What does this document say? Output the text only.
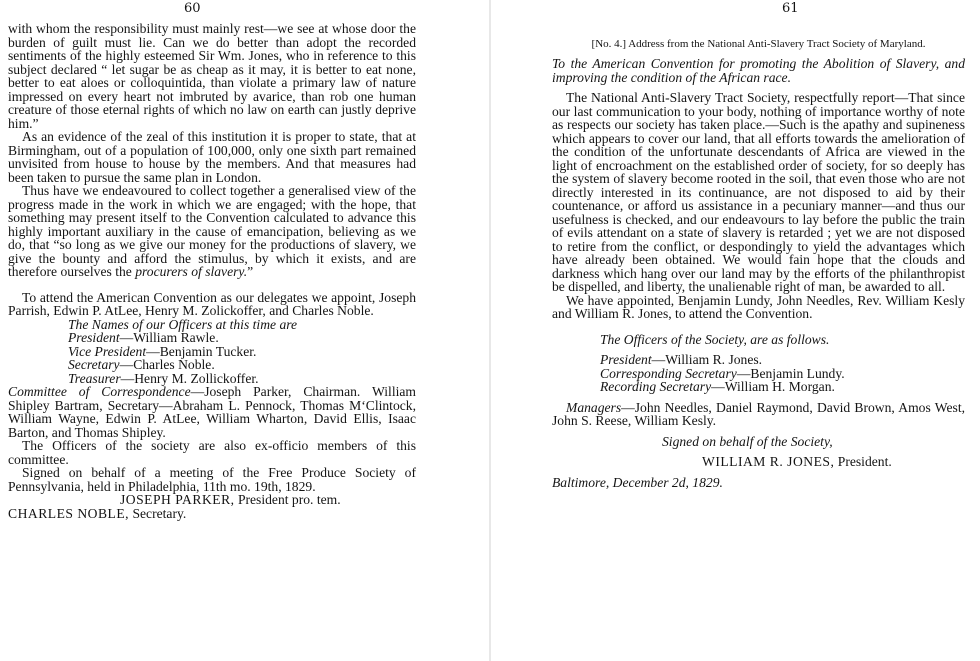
60

with whom the responsibility must mainly rest—we see at whose door the burden of guilt must lie. Can we do better than adopt the recorded sentiments of the highly esteemed Sir Wm. Jones, who in reference to this subject declared “ let sugar be as cheap as it may, it is better to eat none, better to eat aloes or colloquintida, than violate a primary law of nature impressed on every heart not imbruted by avarice, than rob one human creature of those eternal rights of which no law on earth can justly deprive him.”

As an evidence of the zeal of this institution it is proper to state, that at Birmingham, out of a population of 100,000, only one sixth part remained unvisited from house to house by the members. And that measures had been taken to pursue the same plan in London.

Thus have we endeavoured to collect together a generalised view of the progress made in the work in which we are engaged; with the hope, that something may present itself to the Convention calculated to advance this highly important auxiliary in the cause of emancipation, believing as we do, that “so long as we give our money for the productions of slavery, we give the bounty and afford the stimulus, by which it exists, and are therefore ourselves the procurers of slavery.”

To attend the American Convention as our delegates we appoint, Joseph Parrish, Edwin P. AtLee, Henry M. Zolickoffer, and Charles Noble.

The Names of our Officers at this time are

President—William Rawle.

Vice President—Benjamin Tucker.

Secretary—Charles Noble.

Treasurer—Henry M. Zollickoffer.

Committee of Correspondence—Joseph Parker, Chairman. William Shipley Bartram, Secretary—Abraham L. Pennock, Thomas M‘Clintock, William Wayne, Edwin P. AtLee, William Wharton, David Ellis, Isaac Barton, and Thomas Shipley.

The Officers of the society are also ex-officio members of this committee.

Signed on behalf of a meeting of the Free Produce Society of Pennsylvania, held in Philadelphia, 11th mo. 19th, 1829.

JOSEPH PARKER, President pro. tem.

CHARLES NOBLE, Secretary.

61

[No. 4.] Address from the National Anti-Slavery Tract Society of Maryland.

To the American Convention for promoting the Abolition of Slavery, and improving the condition of the African race.

The National Anti-Slavery Tract Society, respectfully report—That since our last communication to your body, nothing of importance worthy of note as respects our society has taken place.—Such is the apathy and supineness which appears to cover our land, that all efforts towards the amelioration of the condition of the unfortunate descendants of Africa are viewed in the light of encroachment on the established order of society, for so deeply has the system of slavery become rooted in the soil, that even those who are not directly interested in its continuance, are not disposed to aid by their countenance, or afford us assistance in a pecuniary manner—and thus our usefulness is checked, and our endeavours to lay before the public the train of evils attendant on a state of slavery is retarded ; yet we are not disposed to retire from the conflict, or despondingly to yield the advantages which have already been obtained. We would fain hope that the clouds and darkness which hang over our land may by the efforts of the philanthropist be dispelled, and liberty, the unalienable right of man, be awarded to all.

We have appointed, Benjamin Lundy, John Needles, Rev. William Kesly and William R. Jones, to attend the Convention.

The Officers of the Society, are as follows.

President—William R. Jones.

Corresponding Secretary—Benjamin Lundy.

Recording Secretary—William H. Morgan.

Managers—John Needles, Daniel Raymond, David Brown, Amos West, John S. Reese, William Kesly.

Signed on behalf of the Society,

WILLIAM R. JONES, President.

Baltimore, December 2d, 1829.
